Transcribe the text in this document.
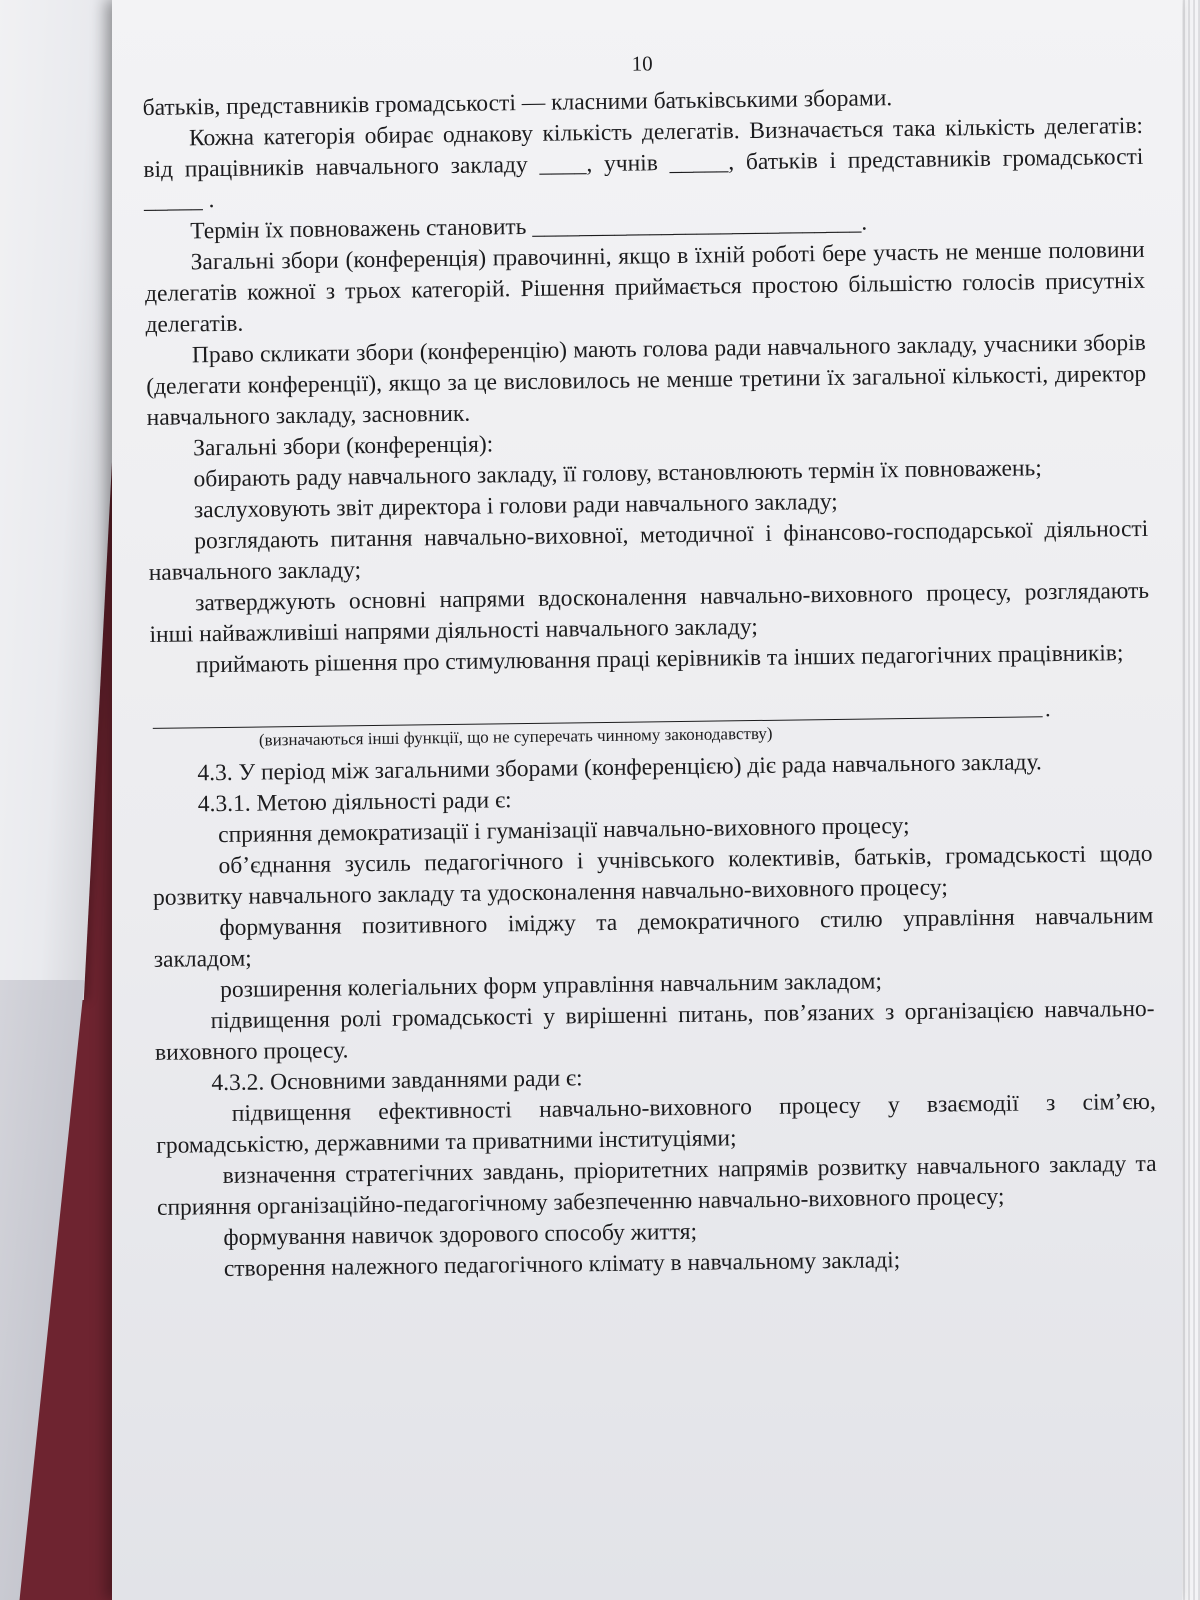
10

батьків, представників громадськості — класними батьківськими зборами.

Кожна категорія обирає однакову кількість делегатів. Визначається така кількість делегатів: від працівників навчального закладу ____, учнів _____, батьків і представників громадськості _____ .

Термін їх повноважень становить ____________________________.

Загальні збори (конференція) правочинні, якщо в їхній роботі бере участь не менше половини делегатів кожної з трьох категорій. Рішення приймається простою більшістю голосів присутніх делегатів.

Право скликати збори (конференцію) мають голова ради навчального закладу, учасники зборів (делегати конференції), якщо за це висловилось не менше третини їх загальної кількості, директор навчального закладу, засновник.

Загальні збори (конференція):

обирають раду навчального закладу, її голову, встановлюють термін їх повноважень;

заслуховують звіт директора і голови ради навчального закладу;

розглядають питання навчально-виховної, методичної і фінансово-господарської діяльності навчального закладу;

затверджують основні напрями вдосконалення навчально-виховного процесу, розглядають інші найважливіші напрями діяльності навчального закладу;

приймають рішення про стимулювання праці керівників та інших педагогічних працівників;

.
(визначаються інші функції, що не суперечать чинному законодавству)

4.3. У період між загальними зборами (конференцією) діє рада навчального закладу.

4.3.1. Метою діяльності ради є:

сприяння демократизації і гуманізації навчально-виховного процесу;

об’єднання зусиль педагогічного і учнівського колективів, батьків, громадськості щодо розвитку навчального закладу та удосконалення навчально-виховного процесу;

формування позитивного іміджу та демократичного стилю управління навчальним закладом;

розширення колегіальних форм управління навчальним закладом;

підвищення ролі громадськості у вирішенні питань, пов’язаних з організацією навчально-виховного процесу.

4.3.2. Основними завданнями ради є:

підвищення ефективності навчально-виховного процесу у взаємодії з сім’єю, громадськістю, державними та приватними інституціями;

визначення стратегічних завдань, пріоритетних напрямів розвитку навчального закладу та сприяння організаційно-педагогічному забезпеченню навчально-виховного процесу;

формування навичок здорового способу життя;

створення належного педагогічного клімату в навчальному закладі;
